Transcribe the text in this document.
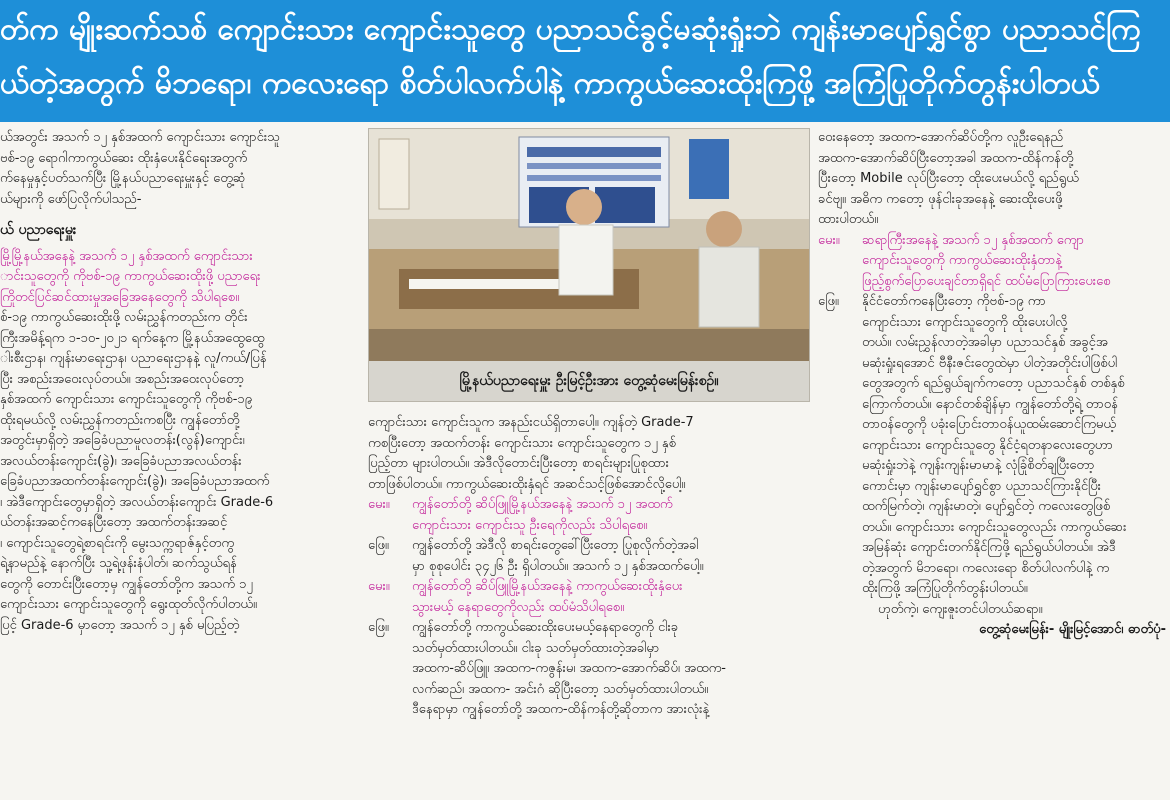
တ်က မျိုးဆက်သစ် ကျောင်းသား ကျောင်းသူတွေ ပညာသင်ခွင့်မဆုံးရှုံးဘဲ ကျန်းမာပျော်ရွှင်စွာ ပညာသင်ကြ
ယ်တဲ့အတွက် မိဘရော၊ ကလေးရော စိတ်ပါလက်ပါနဲ့ ကာကွယ်ဆေးထိုးကြဖို့ အကြံပြုတိုက်တွန်းပါတယ်

ယ်အတွင်း အသက် ၁၂ နှစ်အထက် ကျောင်းသား ကျောင်းသူ

ဗစ်-၁၉ ရောဂါကာကွယ်ဆေး ထိုးနှံပေးနိုင်ရေးအတွက်

က်နေမှုနှင့်ပတ်သက်ပြီး မြို့နယ်ပညာရေးမှူးနှင့် တွေ့ဆုံ

ယ်များကို ဖော်ပြလိုက်ပါသည်-

ယ် ပညာရေးမှူး

မြို့မြို့နယ်အနေနဲ့ အသက် ၁၂ နှစ်အထက် ကျောင်းသား

ာင်းသူတွေကို ကိုဗစ်-၁၉ ကာကွယ်ဆေးထိုးဖို့ ပညာရေး

ကြိုတင်ပြင်ဆင်ထားမှုအခြေအနေတွေကို သိပါရစေ။

စ်-၁၉ ကာကွယ်ဆေးထိုးဖို့ လမ်းညွှန်ကတည်းက တိုင်း

ကြီးအမိန့်ရက ၁-၁၀-၂၀၂၁ ရက်နေ့က မြို့နယ်အထွေထွေ

ါးစီးဌာန၊ ကျန်းမာရေးဌာန၊ ပညာရေးဌာနနဲ့ လူ/ကယ်/ပြန်

ပြီး အစည်းအဝေးလုပ်တယ်။ အစည်းအဝေးလုပ်တော့

နှစ်အထက် ကျောင်းသား ကျောင်းသူတွေကို ကိုဗစ်-၁၉

ထိုးရမယ်လို့ လမ်းညွှန်ကတည်းကစပြီး ကျွန်တော်တို့

အတွင်းမှာရှိတဲ့ အခြေခံပညာမူလတန်း(လွန်)ကျောင်း၊

အလယ်တန်းကျောင်း(ခွဲ)၊ အခြေခံပညာအလယ်တန်း

ခြေခံပညာအထက်တန်းကျောင်း(ခွဲ)၊ အခြေခံပညာအထက်

၊ အဲဒီကျောင်းတွေမှာရှိတဲ့ အလယ်တန်းကျောင်း Grade-6

ယ်တန်းအဆင့်ကနေပြီးတော့ အထက်တန်းအဆင့်

၊ ကျောင်းသူတွေရဲ့စာရင်းကို မွေးသက္ကရာဇ်နှင့်တကွ

ရဲ့နာမည်နဲ့ နောက်ပြီး သူ့ရဲ့ဖုန်းနံပါတ်၊ ဆက်သွယ်ရန်

တွေကို တောင်းပြီးတော့မှ ကျွန်တော်တို့က အသက် ၁၂

ကျောင်းသား ကျောင်းသူတွေကို ရွေးထုတ်လိုက်ပါတယ်။

ပြင့် Grade-6 မှာတော့ အသက် ၁၂ နှစ် မပြည့်တဲ့

မြို့နယ်ပညာရေးမှူး ဦးမြင့်ဦးအား တွေ့ဆုံမေးမြန်းစဉ်။

ကျောင်းသား ကျောင်းသူက အနည်းငယ်ရှိတာပေါ့။ ကျန်တဲ့ Grade-7

ကစပြီးတော့ အထက်တန်း ကျောင်းသား ကျောင်းသူတွေက ၁၂ နှစ်

ပြည့်တာ များပါတယ်။ အဲဒီလိုတောင်းပြီးတော့ စာရင်းများပြုစုထား

တာဖြစ်ပါတယ်။ ကာကွယ်ဆေးထိုးနှံရင် အဆင်သင့်ဖြစ်အောင်လို့ပေါ့။

မေး။ ကျွန်တော်တို့ ဆိပ်ဖြူမြို့နယ်အနေနဲ့ အသက် ၁၂ အထက်

ကျောင်းသား ကျောင်းသူ ဦးရေကိုလည်း သိပါရစေ။

ဖြေ။ ကျွန်တော်တို့ အဲဒီလို စာရင်းတွေခေါ်ပြီးတော့ ပြုစုလိုက်တဲ့အခါ

မှာ စုစုပေါင်း ၃၄၂၆ ဦး ရှိပါတယ်။ အသက် ၁၂ နှစ်အထက်ပေါ့။

မေး။ ကျွန်တော်တို့ ဆိပ်ဖြူမြို့နယ်အနေနဲ့ ကာကွယ်ဆေးထိုးနှံပေး

သွားမယ့် နေရာတွေကိုလည်း ထပ်မံသိပါရစေ။

ဖြေ။ ကျွန်တော်တို့ ကာကွယ်ဆေးထိုးပေးမယ့်နေရာတွေကို ငါးခု

သတ်မှတ်ထားပါတယ်။ ငါးခု သတ်မှတ်ထားတဲ့အခါမှာ

အထက-ဆိပ်ဖြူ၊ အထက-ကဇွန်းမ၊ အထက-အောက်ဆိပ်၊ အထက-

လက်ဆည်၊ အထက- အင်းဂံ ဆိုပြီးတော့ သတ်မှတ်ထားပါတယ်။

ဒီနေရာမှာ ကျွန်တော်တို့ အထက-ထိန်ကန်တို့ဆိုတာက အားလုံးနဲ့

ဝေးနေတော့ အထက-အောက်ဆိပ်တို့က လူဦးရေနည်

အထက-အောက်ဆိပ်ပြီးတော့အခါ အထက-ထိန်ကန်တို့

ပြီးတော့ Mobile လုပ်ပြီးတော့ ထိုးပေးမယ်လို့ ရည်ရွယ်

ခင်ဗျ။ အဓိက ကတော့ ဖုန်ငါးခုအနေနဲ့ ဆေးထိုးပေးဖို့

ထားပါတယ်။

မေး။ ဆရာကြီးအနေနဲ့ အသက် ၁၂ နှစ်အထက် ကျော

ကျောင်းသူတွေကို ကာကွယ်ဆေးထိုးနှံတာနဲ့

ဖြည့်စွက်ပြောပေးချင်တာရှိရင် ထပ်မံပြောကြားပေးစေ

ဖြေ။ နိုင်ငံတော်ကနေပြီးတော့ ကိုဗစ်-၁၉ ကာ

ကျောင်းသား ကျောင်းသူတွေကို ထိုးပေးပါလို့

တယ်။ လမ်းညွှန်လာတဲ့အခါမှာ ပညာသင်နှစ် အခွင့်အ

မဆုံးရှုံးရအောင် ဗီနီးဇင်းတွေထဲမှာ ပါတဲ့အတိုင်းပါဖြစ်ပါ

တွေအတွက် ရည်ရွယ်ချက်ကတော့ ပညာသင်နှစ် တစ်နှစ်

ကြောက်တယ်။ နောင်တစ်ချိန်မှာ ကျွန်တော်တို့ရဲ့ တာဝန်

တာဝန်တွေကို ပခုံးပြောင်းတာဝန်ယူထမ်းဆောင်ကြမယ့်

ကျောင်းသား ကျောင်းသူတွေ နိုင်ငံ့ရတနာလေးတွေဟာ

မဆုံးရှုံးဘဲနဲ့ ကျန်းကျန်းမာမာနဲ့ လုံခြုံစိတ်ချပြီးတော့

ကောင်းမှာ ကျန်းမာပျော်ရွှင်စွာ ပညာသင်ကြားနိုင်ပြီး

ထက်မြက်တဲ့၊ ကျန်းမာတဲ့၊ ပျော်ရွှင်တဲ့ ကလေးတွေဖြစ်

တယ်။ ကျောင်းသား ကျောင်းသူတွေလည်း ကာကွယ်ဆေး

အမြန်ဆုံး ကျောင်းတက်နိုင်ကြဖို့ ရည်ရွယ်ပါတယ်။ အဲဒီ

တဲ့အတွက် မိဘရော၊ ကလေးရော စိတ်ပါလက်ပါနဲ့ က

ထိုးကြဖို့ အကြံပြုတိုက်တွန်းပါတယ်။

ဟုတ်ကဲ့၊ ကျေးဇူးတင်ပါတယ်ဆရာ။

တွေ့ဆုံမေးမြန်း- မျိုးမြင့်အောင်၊ ဓာတ်ပုံ-
